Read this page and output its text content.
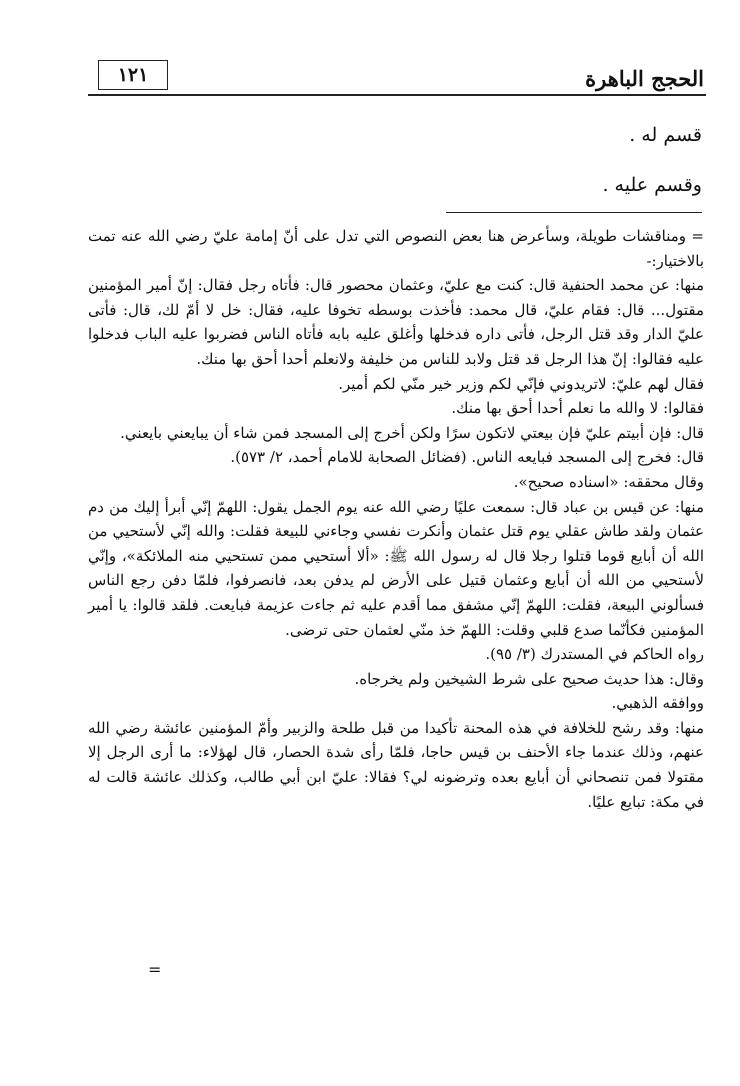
الحجج الباهرة
١٢١
قسم له .
وقسم عليه .

= ومناقشات طويلة، وسأعرض هنا بعض النصوص التي تدل على أنّ إمامة عليّ رضي الله عنه تمت بالاختيار:-

منها: عن محمد الحنفية قال: كنت مع عليّ، وعثمان محصور قال: فأتاه رجل فقال: إنّ أمير المؤمنين مقتول... قال: فقام عليّ، قال محمد: فأخذت بوسطه تخوفا عليه، فقال: خل لا أمّ لك، قال: فأتى عليّ الدار وقد قتل الرجل، فأتى داره فدخلها وأغلق عليه بابه فأتاه الناس فضربوا عليه الباب فدخلوا عليه فقالوا: إنّ هذا الرجل قد قتل ولابد للناس من خليفة ولانعلم أحدا أحق بها منك.

فقال لهم عليّ: لاتريدوني فإنّي لكم وزير خير منّي لكم أمير.

فقالوا: لا والله ما نعلم أحدا أحق بها منك.

قال: فإن أبيتم عليّ فإن بيعتي لاتكون سرًا ولكن أخرج إلى المسجد فمن شاء أن يبايعني بايعني.

قال: فخرج إلى المسجد فبايعه الناس. (فضائل الصحابة للامام أحمد، ٢/ ٥٧٣).

وقال محققه: «اسناده صحيح».

منها: عن قيس بن عباد قال: سمعت عليًا رضي الله عنه يوم الجمل يقول: اللهمّ إنّي أبرأ إليك من دم عثمان ولقد طاش عقلي يوم قتل عثمان وأنكرت نفسي وجاءني للبيعة فقلت: والله إنّي لأستحيي من الله أن أبايع قوما قتلوا رجلا قال له رسول الله ﷺ: «ألا أستحيي ممن تستحيي منه الملائكة»، وإنّي لأستحيي من الله أن أبايع وعثمان قتيل على الأرض لم يدفن بعد، فانصرفوا، فلمّا دفن رجع الناس فسألوني البيعة، فقلت: اللهمّ إنّي مشفق مما أقدم عليه ثم جاءت عزيمة فبايعت. فلقد قالوا: يا أمير المؤمنين فكأنّما صدع قلبي وقلت: اللهمّ خذ منّي لعثمان حتى ترضى.

رواه الحاكم في المستدرك (٣/ ٩٥).

وقال: هذا حديث صحيح على شرط الشيخين ولم يخرجاه.

ووافقه الذهبي.

منها: وقد رشح للخلافة في هذه المحنة تأكيدا من قبل طلحة والزبير وأمّ المؤمنين عائشة رضي الله عنهم، وذلك عندما جاء الأحنف بن قيس حاجا، فلمّا رأى شدة الحصار، قال لهؤلاء: ما أرى الرجل إلا مقتولا فمن تنصحاني أن أبايع بعده وترضونه لي؟ فقالا: عليّ ابن أبي طالب، وكذلك عائشة قالت له في مكة: تبايع عليًا.

=
